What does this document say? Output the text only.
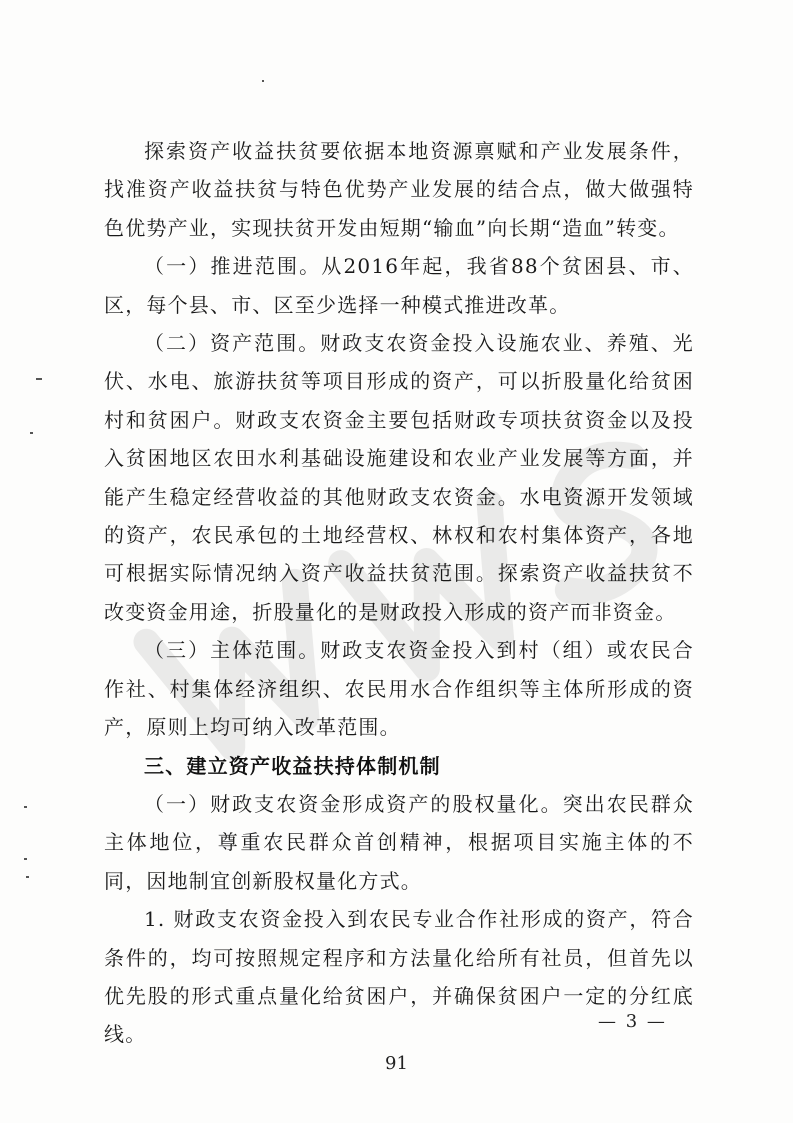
探索资产收益扶贫要依据本地资源禀赋和产业发展条件，找准资产收益扶贫与特色优势产业发展的结合点，做大做强特色优势产业，实现扶贫开发由短期“输血”向长期“造血”转变。

（一）推进范围。从2016年起，我省88个贫困县、市、区，每个县、市、区至少选择一种模式推进改革。

（二）资产范围。财政支农资金投入设施农业、养殖、光伏、水电、旅游扶贫等项目形成的资产，可以折股量化给贫困村和贫困户。财政支农资金主要包括财政专项扶贫资金以及投入贫困地区农田水利基础设施建设和农业产业发展等方面，并能产生稳定经营收益的其他财政支农资金。水电资源开发领域的资产，农民承包的土地经营权、林权和农村集体资产，各地可根据实际情况纳入资产收益扶贫范围。探索资产收益扶贫不改变资金用途，折股量化的是财政投入形成的资产而非资金。

（三）主体范围。财政支农资金投入到村（组）或农民合作社、村集体经济组织、农民用水合作组织等主体所形成的资产，原则上均可纳入改革范围。

三、建立资产收益扶持体制机制

（一）财政支农资金形成资产的股权量化。突出农民群众主体地位，尊重农民群众首创精神，根据项目实施主体的不同，因地制宜创新股权量化方式。

1. 财政支农资金投入到农民专业合作社形成的资产，符合条件的，均可按照规定程序和方法量化给所有社员，但首先以优先股的形式重点量化给贫困户，并确保贫困户一定的分红底线。

— 3 —
91
